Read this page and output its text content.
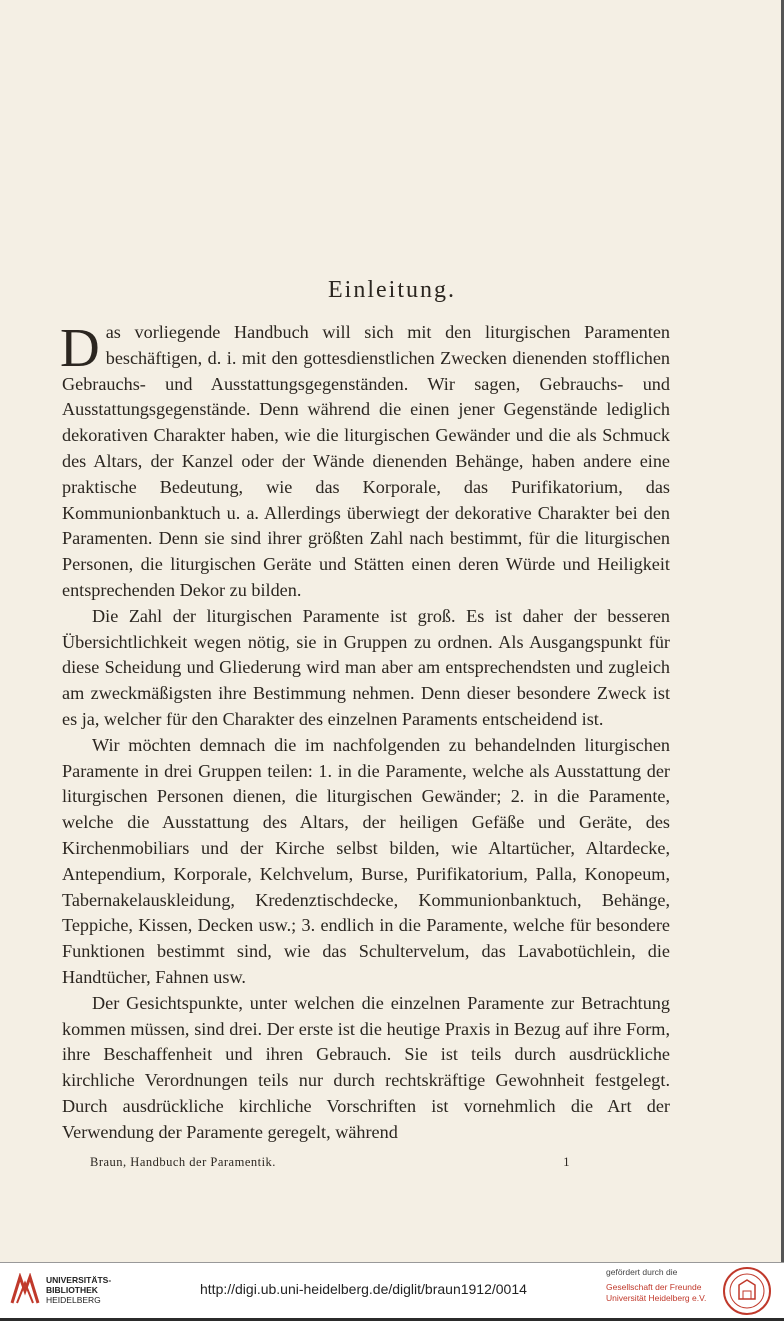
Einleitung.

Das vorliegende Handbuch will sich mit den liturgischen Paramenten beschäftigen, d. i. mit den gottesdienstlichen Zwecken dienenden stofflichen Gebrauchs- und Ausstattungsgegenständen. Wir sagen, Gebrauchs- und Ausstattungsgegenstände. Denn während die einen jener Gegenstände lediglich dekorativen Charakter haben, wie die liturgischen Gewänder und die als Schmuck des Altars, der Kanzel oder der Wände dienenden Behänge, haben andere eine praktische Bedeutung, wie das Korporale, das Purifikatorium, das Kommunionbanktuch u. a. Allerdings überwiegt der dekorative Charakter bei den Paramenten. Denn sie sind ihrer größten Zahl nach bestimmt, für die liturgischen Personen, die liturgischen Geräte und Stätten einen deren Würde und Heiligkeit entsprechenden Dekor zu bilden.

Die Zahl der liturgischen Paramente ist groß. Es ist daher der besseren Übersichtlichkeit wegen nötig, sie in Gruppen zu ordnen. Als Ausgangspunkt für diese Scheidung und Gliederung wird man aber am entsprechendsten und zugleich am zweckmäßigsten ihre Bestimmung nehmen. Denn dieser besondere Zweck ist es ja, welcher für den Charakter des einzelnen Paraments entscheidend ist.

Wir möchten demnach die im nachfolgenden zu behandelnden liturgischen Paramente in drei Gruppen teilen: 1. in die Paramente, welche als Ausstattung der liturgischen Personen dienen, die liturgischen Gewänder; 2. in die Paramente, welche die Ausstattung des Altars, der heiligen Gefäße und Geräte, des Kirchenmobiliars und der Kirche selbst bilden, wie Altartücher, Altardecke, Antependium, Korporale, Kelchvelum, Burse, Purifikatorium, Palla, Konopeum, Tabernakelauskleidung, Kredenztischdecke, Kommunionbanktuch, Behänge, Teppiche, Kissen, Decken usw.; 3. endlich in die Paramente, welche für besondere Funktionen bestimmt sind, wie das Schultervelum, das Lavabotüchlein, die Handtücher, Fahnen usw.

Der Gesichtspunkte, unter welchen die einzelnen Paramente zur Betrachtung kommen müssen, sind drei. Der erste ist die heutige Praxis in Bezug auf ihre Form, ihre Beschaffenheit und ihren Gebrauch. Sie ist teils durch ausdrückliche kirchliche Verordnungen teils nur durch rechtskräftige Gewohnheit festgelegt. Durch ausdrückliche kirchliche Vorschriften ist vornehmlich die Art der Verwendung der Paramente geregelt, während

Braun, Handbuch der Paramentik.	1
UNIVERSITÄTS-
BIBLIOTHEK
HEIDELBERG
http://digi.ub.uni-heidelberg.de/diglit/braun1912/0014
gefördert durch die
Gesellschaft der Freunde
Universität Heidelberg e.V.
